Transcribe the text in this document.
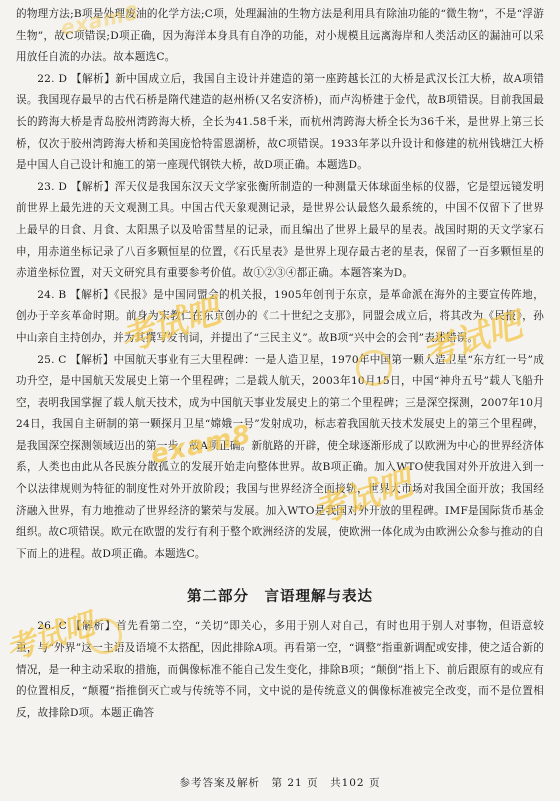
的物理方法;B项是处理废油的化学方法;C项，处理漏油的生物方法是利用具有除油功能的“微生物”，不是“浮游生物”，故C项错误;D项正确，因为海洋本身具有自净的功能，对小规模且远离海岸和人类活动区的漏油可以采用放任自流的办法。故本题选C。

22. D 【解析】新中国成立后，我国自主设计并建造的第一座跨越长江的大桥是武汉长江大桥，故A项错误。我国现存最早的古代石桥是隋代建造的赵州桥(又名安济桥)，而卢沟桥建于金代，故B项错误。目前我国最长的跨海大桥是青岛胶州湾跨海大桥，全长为41.58千米，而杭州湾跨海大桥全长为36千米，是世界上第三长桥，仅次于胶州湾跨海大桥和美国庞恰特雷恩湖桥，故C项错误。1933年茅以升设计和修建的杭州钱塘江大桥是中国人自己设计和施工的第一座现代钢铁大桥，故D项正确。本题选D。

23. D 【解析】浑天仪是我国东汉天文学家张衡所制造的一种测量天体球面坐标的仪器，它是望远镜发明前世界上最先进的天文观测工具。中国古代天象观测记录，是世界公认最悠久最系统的，中国不仅留下了世界上最早的日食、月食、太阳黑子以及哈雷彗星的记录，而且编出了世界上最早的星表。战国时期的天文学家石申，用赤道坐标记录了八百多颗恒星的位置，《石氏星表》是世界上现存最古老的星表，保留了一百多颗恒星的赤道坐标位置，对天文研究具有重要参考价值。故①②③④都正确。本题答案为D。

24. B 【解析】《民报》是中国同盟会的机关报，1905年创刊于东京，是革命派在海外的主要宣传阵地，创办于辛亥革命时期。前身为宋教仁在东京创办的《二十世纪之支那》，同盟会成立后，将其改为《民报》，孙中山亲自主持创办，并为其撰写发刊词，并提出了“三民主义”。故B项“兴中会的会刊”表述错误。

25. C 【解析】中国航天事业有三大里程碑：一是人造卫星，1970年中国第一颗人造卫星“东方红一号”成功升空，是中国航天发展史上第一个里程碑；二是载人航天，2003年10月15日，中国“神舟五号”载人飞船升空，表明我国掌握了载人航天技术，成为中国航天事业发展史上的第二个里程碑；三是深空探测，2007年10月24日，我国自主研制的第一颗探月卫星“嫦娥一号”发射成功，标志着我国航天技术发展史上的第三个里程碑，是我国深空探测领域迈出的第一步，故A项正确。新航路的开辟，使全球逐渐形成了以欧洲为中心的世界经济体系，人类也由此从各民族分散孤立的发展开始走向整体世界。故B项正确。加入WTO使我国对外开放进入到一个以法律规则为特征的制度性对外开放阶段；我国与世界经济全面接轨，世界大市场对我国全面开放；我国经济融入世界，有力地推动了世界经济的繁荣与发展。加入WTO是我国对外开放的里程碑。IMF是国际货币基金组织。故C项错误。欧元在欧盟的发行有利于整个欧洲经济的发展，使欧洲一体化成为由欧洲公众参与推动的自下而上的进程。故D项正确。本题选C。

第二部分　言语理解与表达

26. C 【解析】首先看第二空，“关切”即关心，多用于别人对自己，有时也用于别人对事物，但语意较重，与“外界”这一主语及语境不太搭配，因此排除A项。再看第一空，“调整”指重新调配或安排，使之适合新的情况，是一种主动采取的措施，而偶像标准不能自己发生变化，排除B项；“颠倒”指上下、前后跟原有的或应有的位置相反，“颠覆”指推倒灭亡或与传统等不同，文中说的是传统意义的偶像标准被完全改变，而不是位置相反，故排除D项。本题正确答

参考答案及解析　第 21 页　共102 页
考试吧	考试吧
考试吧
考试吧
exam8
exam8
